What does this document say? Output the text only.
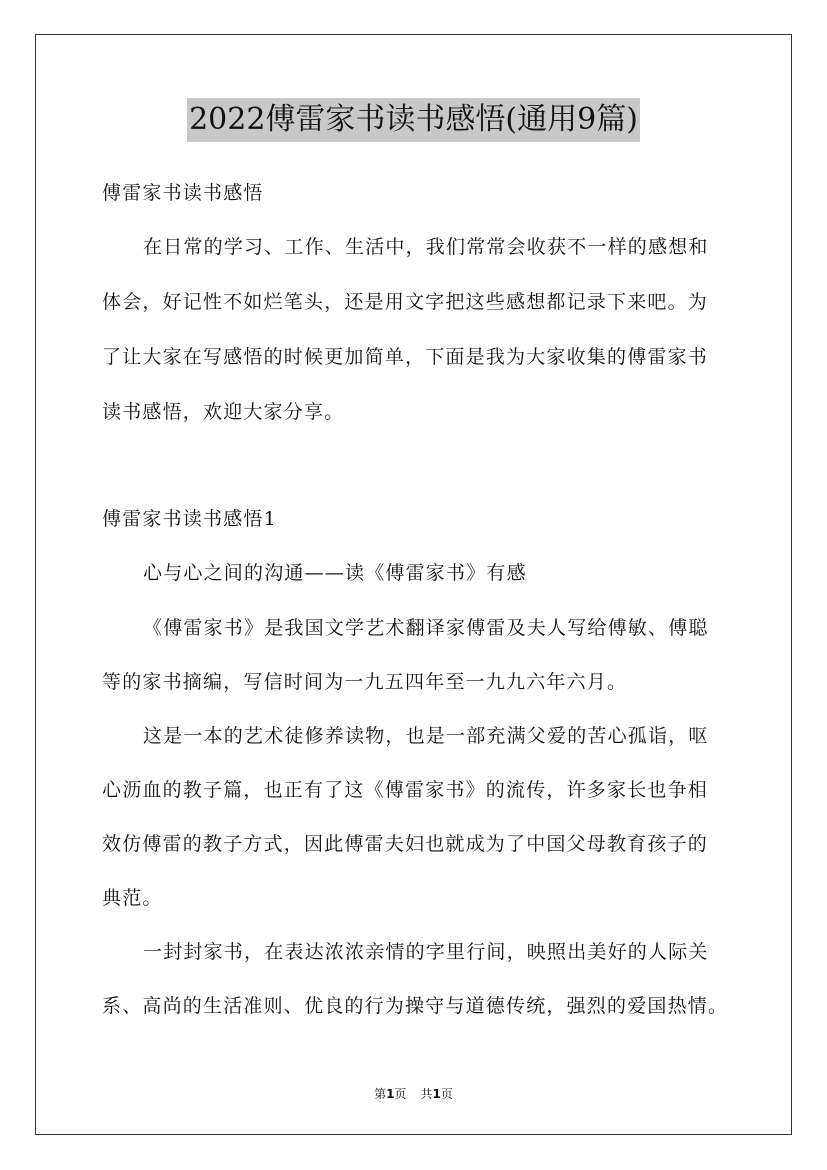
2022傅雷家书读书感悟(通用9篇)
傅雷家书读书感悟
在日常的学习、工作、生活中，我们常常会收获不一样的感想和
体会，好记性不如烂笔头，还是用文字把这些感想都记录下来吧。为
了让大家在写感悟的时候更加简单，下面是我为大家收集的傅雷家书
读书感悟，欢迎大家分享。
傅雷家书读书感悟1
心与心之间的沟通——读《傅雷家书》有感
《傅雷家书》是我国文学艺术翻译家傅雷及夫人写给傅敏、傅聪
等的家书摘编，写信时间为一九五四年至一九九六年六月。
这是一本的艺术徒修养读物，也是一部充满父爱的苦心孤诣，呕
心沥血的教子篇，也正有了这《傅雷家书》的流传，许多家长也争相
效仿傅雷的教子方式，因此傅雷夫妇也就成为了中国父母教育孩子的
典范。
一封封家书，在表达浓浓亲情的字里行间，映照出美好的人际关
系、高尚的生活准则、优良的行为操守与道德传统，强烈的爱国热情。
第1页 共1页
